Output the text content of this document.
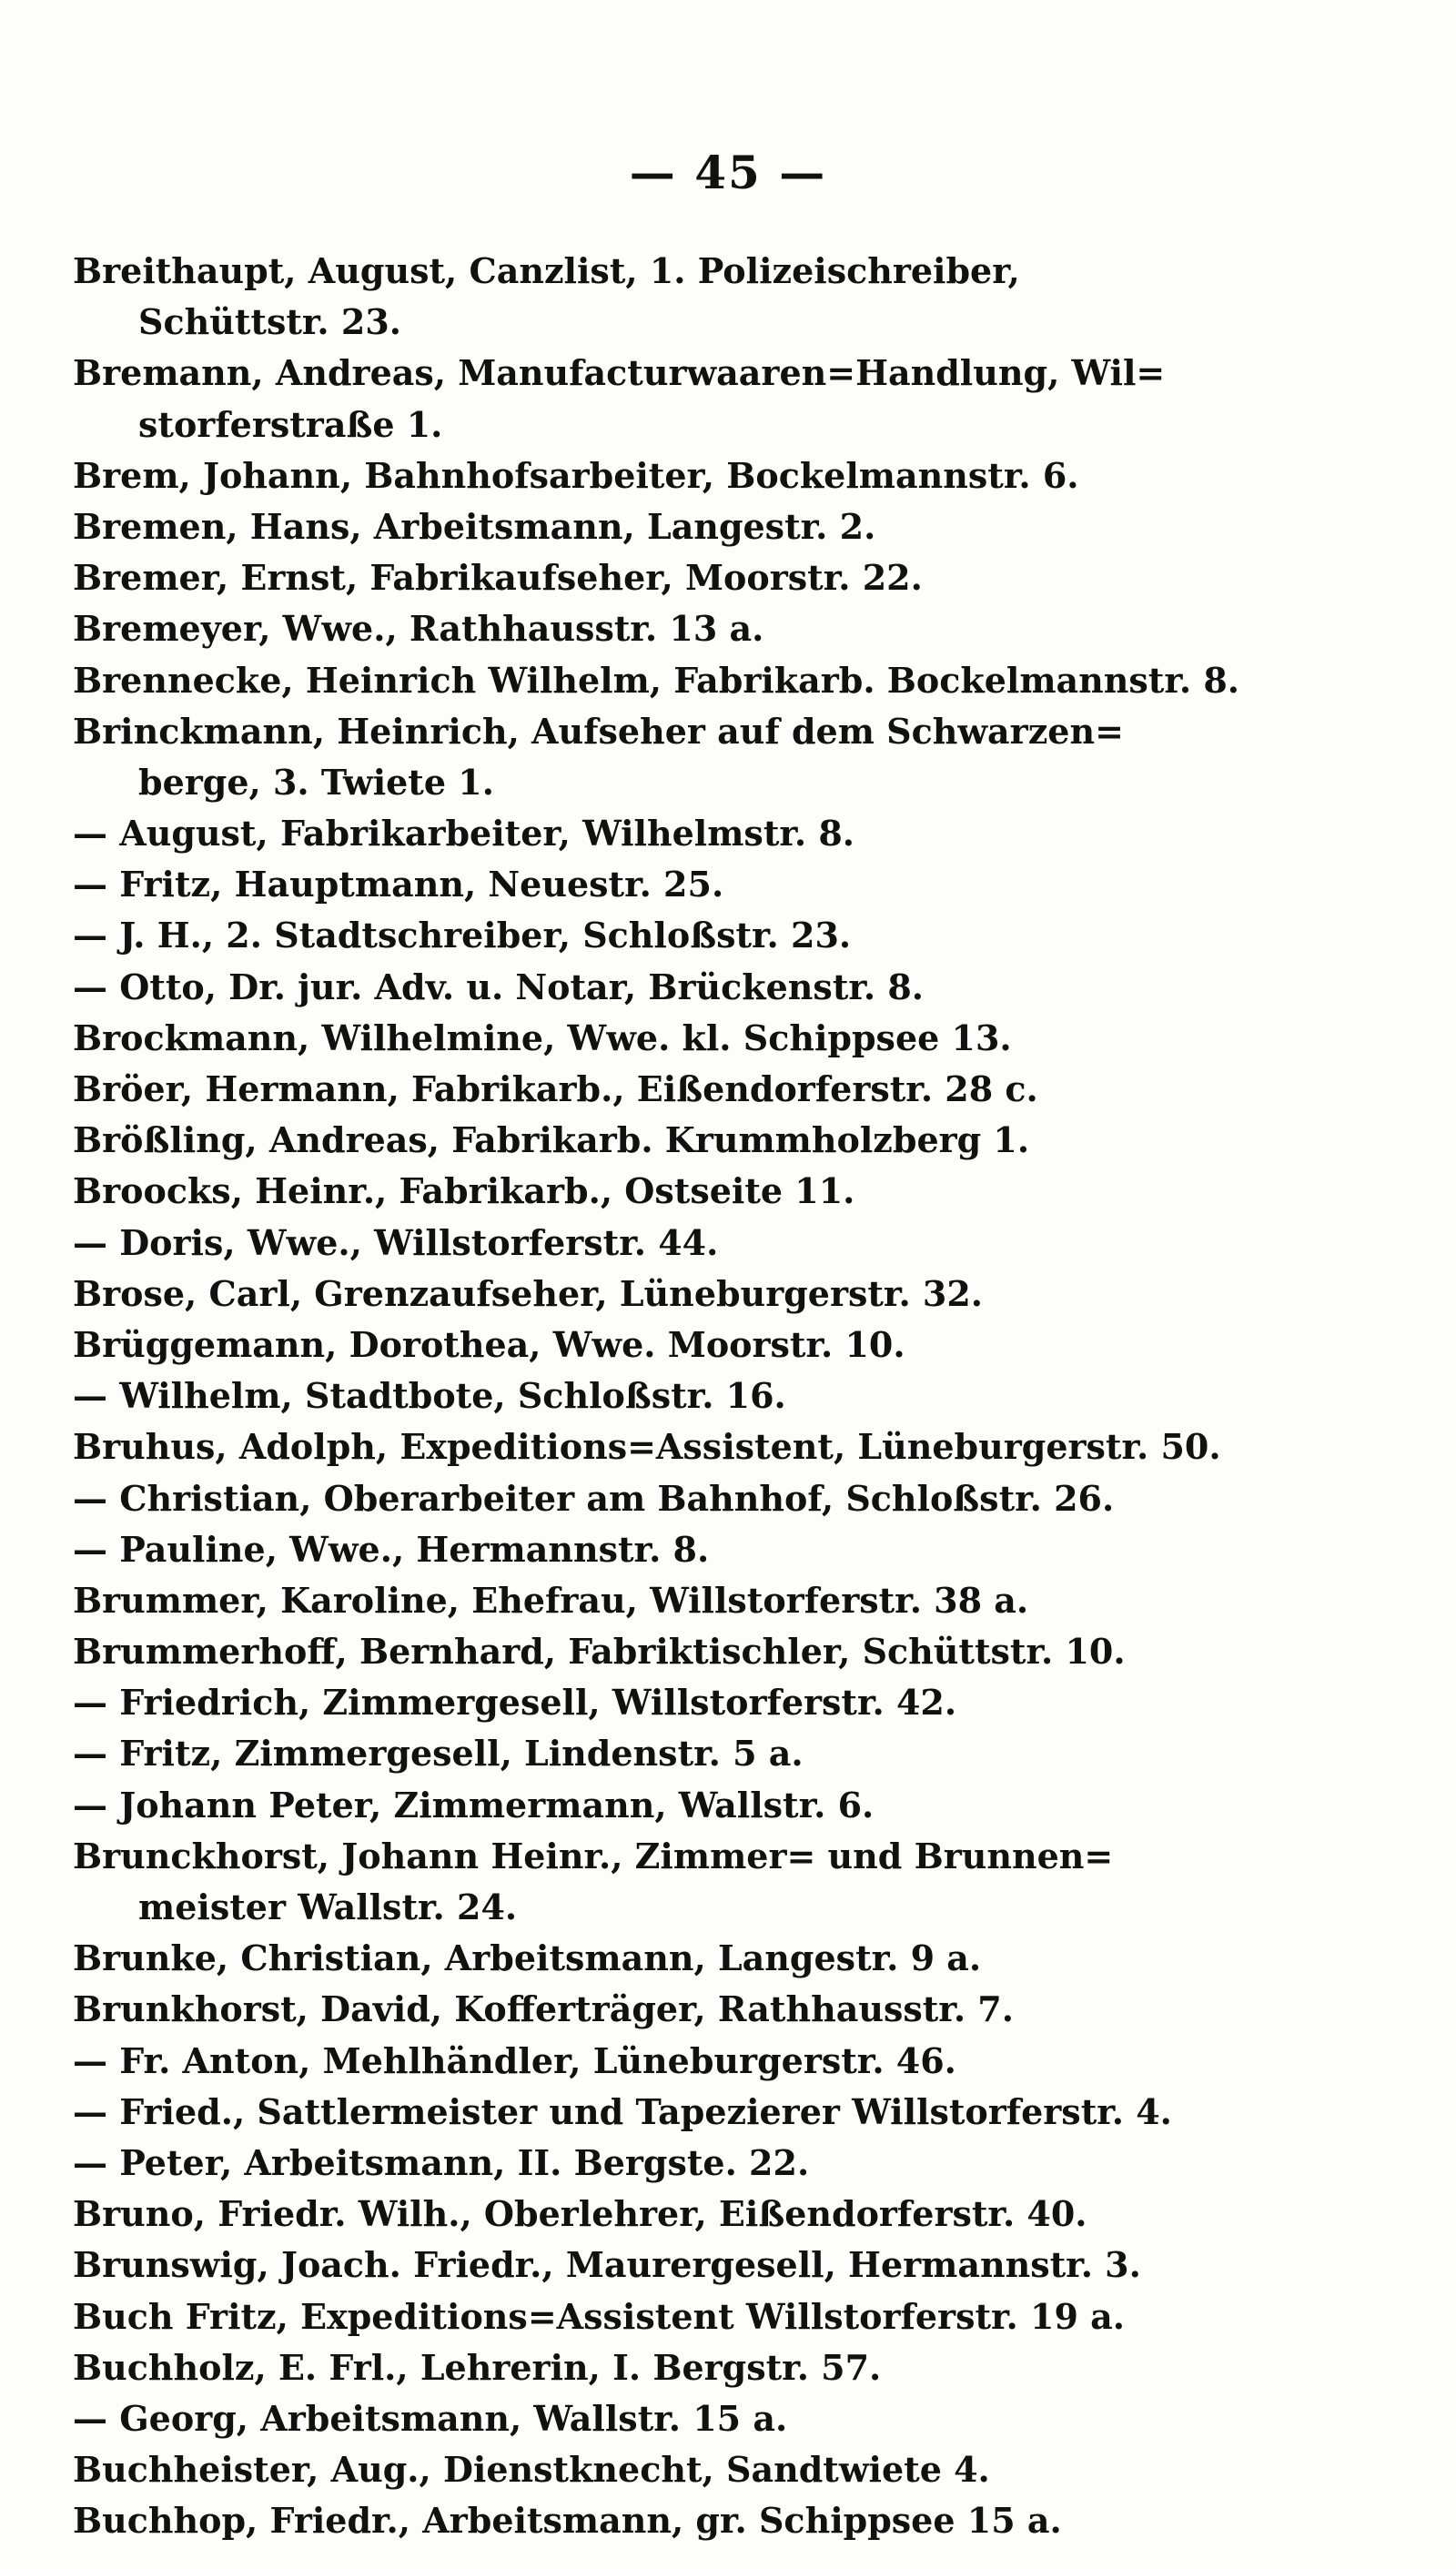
— 45 —
Breithaupt, August, Canzlist, 1. Polizeischreiber,
Schüttstr. 23.
Bremann, Andreas, Manufacturwaaren=Handlung, Wil=
storferstraße 1.
Brem, Johann, Bahnhofsarbeiter, Bockelmannstr. 6.
Bremen, Hans, Arbeitsmann, Langestr. 2.
Bremer, Ernst, Fabrikaufseher, Moorstr. 22.
Bremeyer, Wwe., Rathhausstr. 13 a.
Brennecke, Heinrich Wilhelm, Fabrikarb. Bockelmannstr. 8.
Brinckmann, Heinrich, Aufseher auf dem Schwarzen=
berge, 3. Twiete 1.
— August, Fabrikarbeiter, Wilhelmstr. 8.
— Fritz, Hauptmann, Neuestr. 25.
— J. H., 2. Stadtschreiber, Schloßstr. 23.
— Otto, Dr. jur. Adv. u. Notar, Brückenstr. 8.
Brockmann, Wilhelmine, Wwe. kl. Schippsee 13.
Bröer, Hermann, Fabrikarb., Eißendorferstr. 28 c.
Brößling, Andreas, Fabrikarb. Krummholzberg 1.
Broocks, Heinr., Fabrikarb., Ostseite 11.
— Doris, Wwe., Willstorferstr. 44.
Brose, Carl, Grenzaufseher, Lüneburgerstr. 32.
Brüggemann, Dorothea, Wwe. Moorstr. 10.
— Wilhelm, Stadtbote, Schloßstr. 16.
Bruhus, Adolph, Expeditions=Assistent, Lüneburgerstr. 50.
— Christian, Oberarbeiter am Bahnhof, Schloßstr. 26.
— Pauline, Wwe., Hermannstr. 8.
Brummer, Karoline, Ehefrau, Willstorferstr. 38 a.
Brummerhoff, Bernhard, Fabriktischler, Schüttstr. 10.
— Friedrich, Zimmergesell, Willstorferstr. 42.
— Fritz, Zimmergesell, Lindenstr. 5 a.
— Johann Peter, Zimmermann, Wallstr. 6.
Brunckhorst, Johann Heinr., Zimmer= und Brunnen=
meister Wallstr. 24.
Brunke, Christian, Arbeitsmann, Langestr. 9 a.
Brunkhorst, David, Kofferträger, Rathhausstr. 7.
— Fr. Anton, Mehlhändler, Lüneburgerstr. 46.
— Fried., Sattlermeister und Tapezierer Willstorferstr. 4.
— Peter, Arbeitsmann, II. Bergste. 22.
Bruno, Friedr. Wilh., Oberlehrer, Eißendorferstr. 40.
Brunswig, Joach. Friedr., Maurergesell, Hermannstr. 3.
Buch Fritz, Expeditions=Assistent Willstorferstr. 19 a.
Buchholz, E. Frl., Lehrerin, I. Bergstr. 57.
— Georg, Arbeitsmann, Wallstr. 15 a.
Buchheister, Aug., Dienstknecht, Sandtwiete 4.
Buchhop, Friedr., Arbeitsmann, gr. Schippsee 15 a.
